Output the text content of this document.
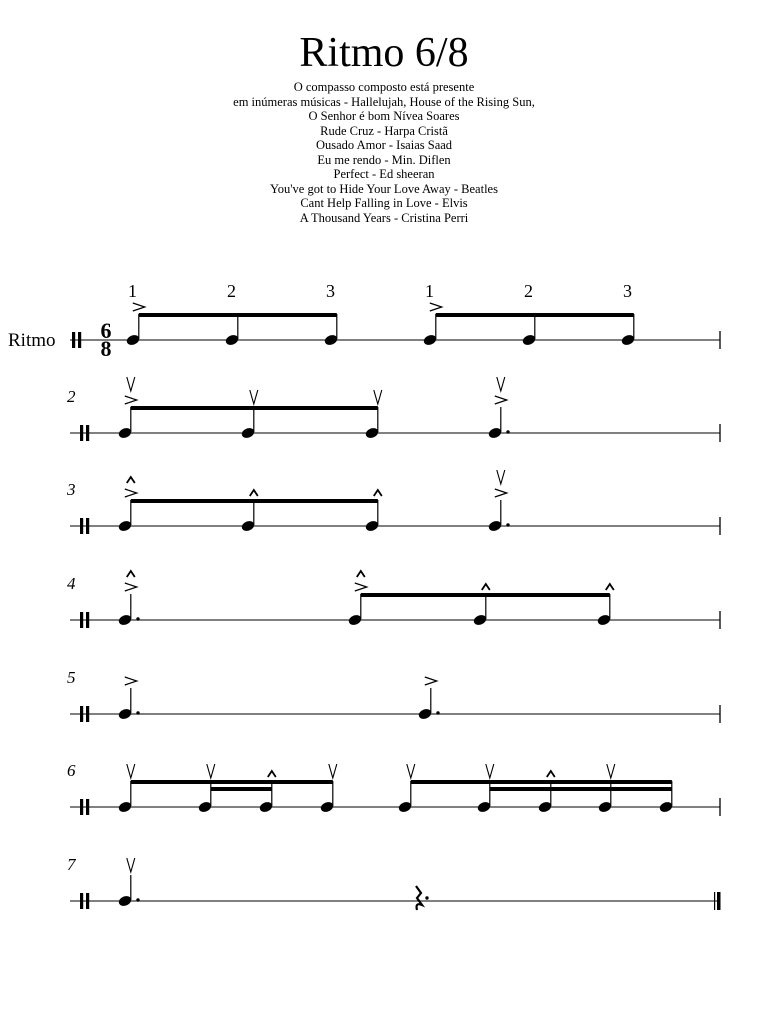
Ritmo 6/8
O compasso composto está presente
em inúmeras músicas - Hallelujah, House of the Rising Sun,
O Senhor é bom Nívea Soares
Rude Cruz - Harpa Cristã
Ousado Amor - Isaias Saad
Eu me rendo - Min. Diflen
Perfect - Ed sheeran
You've got to Hide Your Love Away - Beatles
Cant Help Falling in Love - Elvis
A Thousand Years - Cristina Perri
Ritmo 6
8
1	2	3	1	2	3
2
3
4
5
6
7
